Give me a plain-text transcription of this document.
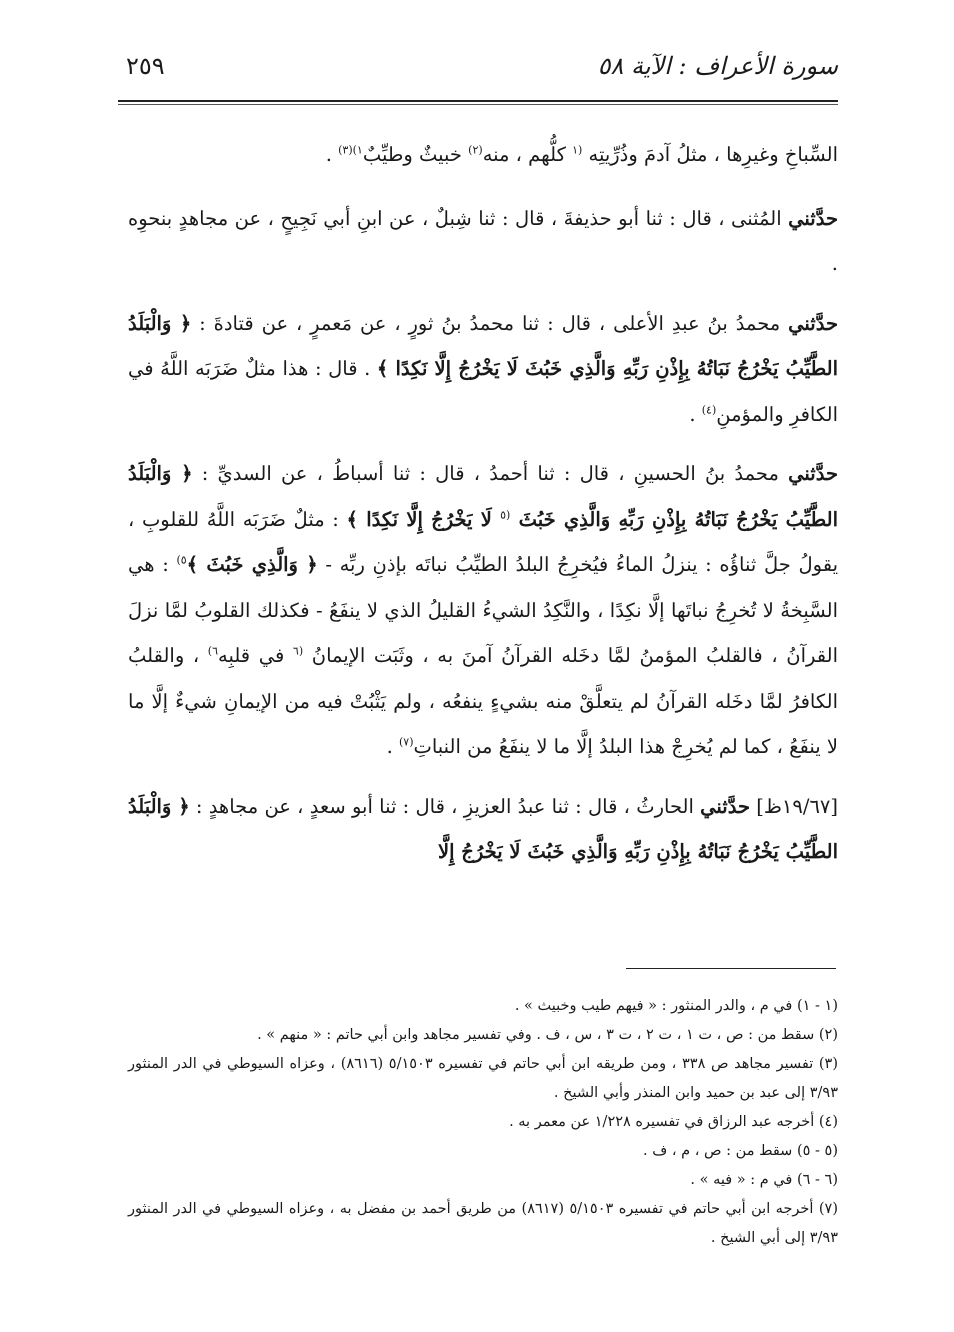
سورة الأعراف : الآية ٥٨
٢٥٩

السِّباخِ وغيرِها ، مثلُ آدمَ وذُرِّيتِه $^{(١}$ كلُّهم ، منه$^{(٢)}$ خبيثٌ وطيِّبٌ$^{١)(٣)}$ .

حدَّثني المُثنى ، قال : ثنا أبو حذيفةَ ، قال : ثنا شِبلٌ ، عن ابنِ أبي نَجِيحٍ ، عن مجاهدٍ بنحوِه .

حدَّثني محمدُ بنُ عبدِ الأعلى ، قال : ثنا محمدُ بنُ ثورٍ ، عن مَعمرٍ ، عن قتادةَ : ﴿ وَالْبَلَدُ الطَّيِّبُ يَخْرُجُ نَبَاتُهُ بِإِذْنِ رَبِّهِ وَالَّذِي خَبُثَ لَا يَخْرُجُ إِلَّا نَكِدًا ﴾ . قال : هذا مثلٌ ضَرَبَه اللَّهُ في الكافرِ والمؤمنِ$^{(٤)}$ .

حدَّثني محمدُ بنُ الحسينِ ، قال : ثنا أحمدُ ، قال : ثنا أسباطُ ، عن السديِّ : ﴿ وَالْبَلَدُ الطَّيِّبُ يَخْرُجُ نَبَاتُهُ بِإِذْنِ رَبِّهِ وَالَّذِي خَبُثَ $^{(٥}$ لَا يَخْرُجُ إِلَّا نَكِدًا ﴾ : مثلٌ ضَرَبَه اللَّهُ للقلوبِ ، يقولُ جلَّ ثناؤُه : ينزلُ الماءُ فيُخرِجُ البلدُ الطيِّبُ نباتَه بإذنِ ربِّه - ﴿ وَالَّذِي خَبُثَ ﴾$^{٥)}$ : هي السَّبِخةُ لا تُخرِجُ نباتَها إلَّا نكِدًا ، والنَّكِدُ الشيءُ القليلُ الذي لا ينفَعُ - فكذلك القلوبُ لمَّا نزلَ القرآنُ ، فالقلبُ المؤمنُ لمَّا دخَله القرآنُ آمنَ به ، وثَبَت الإيمانُ $^{(٦}$ في قلبِه$^{٦)}$ ، والقلبُ الكافرُ لمَّا دخَله القرآنُ لم يتعلَّقْ منه بشيءٍ ينفعُه ، ولم يَثْبُتْ فيه من الإيمانِ شيءٌ إلَّا ما لا ينفَعُ ، كما لم يُخرِجْ هذا البلدُ إلَّا ما لا ينفَعُ من النباتِ$^{(٧)}$ .

[١٩/٦٧ظ] حدَّثني الحارثُ ، قال : ثنا عبدُ العزيزِ ، قال : ثنا أبو سعدٍ ، عن مجاهدٍ : ﴿ وَالْبَلَدُ الطَّيِّبُ يَخْرُجُ نَبَاتُهُ بِإِذْنِ رَبِّهِ وَالَّذِي خَبُثَ لَا يَخْرُجُ إِلَّا

(١ - ١) في م ، والدر المنثور : « فيهم طيب وخبيث » .

(٢) سقط من : ص ، ت ١ ، ت ٢ ، ت ٣ ، س ، ف . وفي تفسير مجاهد وابن أبي حاتم : « منهم » .

(٣) تفسير مجاهد ص ٣٣٨ ، ومن طريقه ابن أبي حاتم في تفسيره ٥/١٥٠٣ (٨٦١٦) ، وعزاه السيوطي في الدر المنثور ٣/٩٣ إلى عبد بن حميد وابن المنذر وأبي الشيخ .

(٤) أخرجه عبد الرزاق في تفسيره ١/٢٢٨ عن معمر به .

(٥ - ٥) سقط من : ص ، م ، ف .

(٦ - ٦) في م : « فيه » .

(٧) أخرجه ابن أبي حاتم في تفسيره ٥/١٥٠٣ (٨٦١٧) من طريق أحمد بن مفضل به ، وعزاه السيوطي في الدر المنثور ٣/٩٣ إلى أبي الشيخ .
